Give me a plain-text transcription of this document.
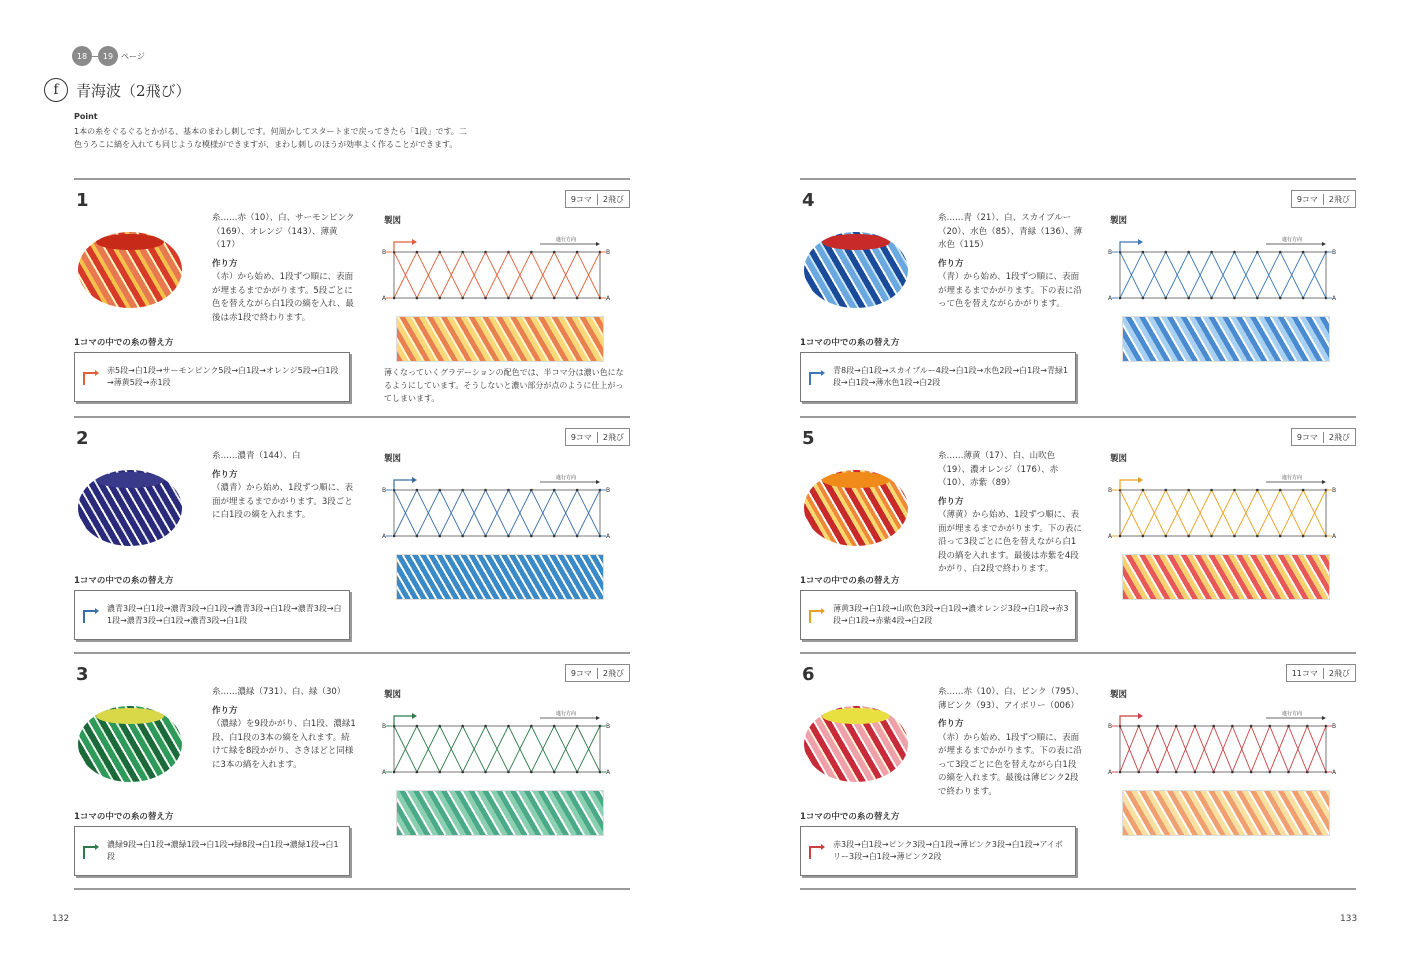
18	19 ページ
f	青海波（2飛び）
Point
1本の糸をぐるぐるとかがる、基本のまわし刺しです。何周かしてスタートまで戻ってきたら「1段」です。二色うろこに縞を入れても同じような模様ができますが、まわし刺しのほうが効率よく作ることができます。
1	9コマ	2飛び
糸……赤（10）、白、サーモンピンク（169）、オレンジ（143）、薄黄（17）
作り方
（赤）から始め、1段ずつ順に、表面が埋まるまでかがります。5段ごとに色を替えながら白1段の縞を入れ、最後は赤1段で終わります。
1コマの中での糸の替え方
赤5段→白1段→サーモンピンク5段→白1段→オレンジ5段→白1段→薄黄5段→赤1段
製図
進行方向
B
A
B
A
薄くなっていくグラデーションの配色では、半コマ分は濃い色になるようにしています。そうしないと濃い部分が点のように仕上がってしまいます。
2	9コマ	2飛び
糸……濃青（144）、白
作り方
（濃青）から始め、1段ずつ順に、表面が埋まるまでかがります。3段ごとに白1段の縞を入れます。
1コマの中での糸の替え方
濃青3段→白1段→濃青3段→白1段→濃青3段→白1段→濃青3段→白1段→濃青3段→白1段→濃青3段→白1段
製図
進行方向
B
A
B
A
3	9コマ	2飛び
糸……濃緑（731）、白、緑（30）
作り方
（濃緑）を9段かがり、白1段、濃緑1段、白1段の3本の縞を入れます。続けて緑を8段かがり、さきほどと同様に3本の縞を入れます。
1コマの中での糸の替え方
濃緑9段→白1段→濃緑1段→白1段→緑8段→白1段→濃緑1段→白1段
製図
進行方向
B
A
B
A
4	9コマ	2飛び
糸……青（21）、白、スカイブルー（20）、水色（85）、青緑（136）、薄水色（115）
作り方
（青）から始め、1段ずつ順に、表面が埋まるまでかがります。下の表に沿って色を替えながらかがります。
1コマの中での糸の替え方
青8段→白1段→スカイブルー4段→白1段→水色2段→白1段→青緑1段→白1段→薄水色1段→白2段
製図
進行方向
B
A
B
A
5	9コマ	2飛び
糸……薄黄（17）、白、山吹色（19）、濃オレンジ（176）、赤（10）、赤紫（89）
作り方
（薄黄）から始め、1段ずつ順に、表面が埋まるまでかがります。下の表に沿って3段ごとに色を替えながら白1段の縞を入れます。最後は赤紫を4段かがり、白2段で終わります。
1コマの中での糸の替え方
薄黄3段→白1段→山吹色3段→白1段→濃オレンジ3段→白1段→赤3段→白1段→赤紫4段→白2段
製図
進行方向
B
A
B
A
6	11コマ	2飛び
糸……赤（10）、白、ピンク（795）、薄ピンク（93）、アイボリー（006）
作り方
（赤）から始め、1段ずつ順に、表面が埋まるまでかがります。下の表に沿って3段ごとに色を替えながら白1段の縞を入れます。最後は薄ピンク2段で終わります。
1コマの中での糸の替え方
赤3段→白1段→ピンク3段→白1段→薄ピンク3段→白1段→アイボリー3段→白1段→薄ピンク2段
製図
進行方向
B
A
B
A
132	133
